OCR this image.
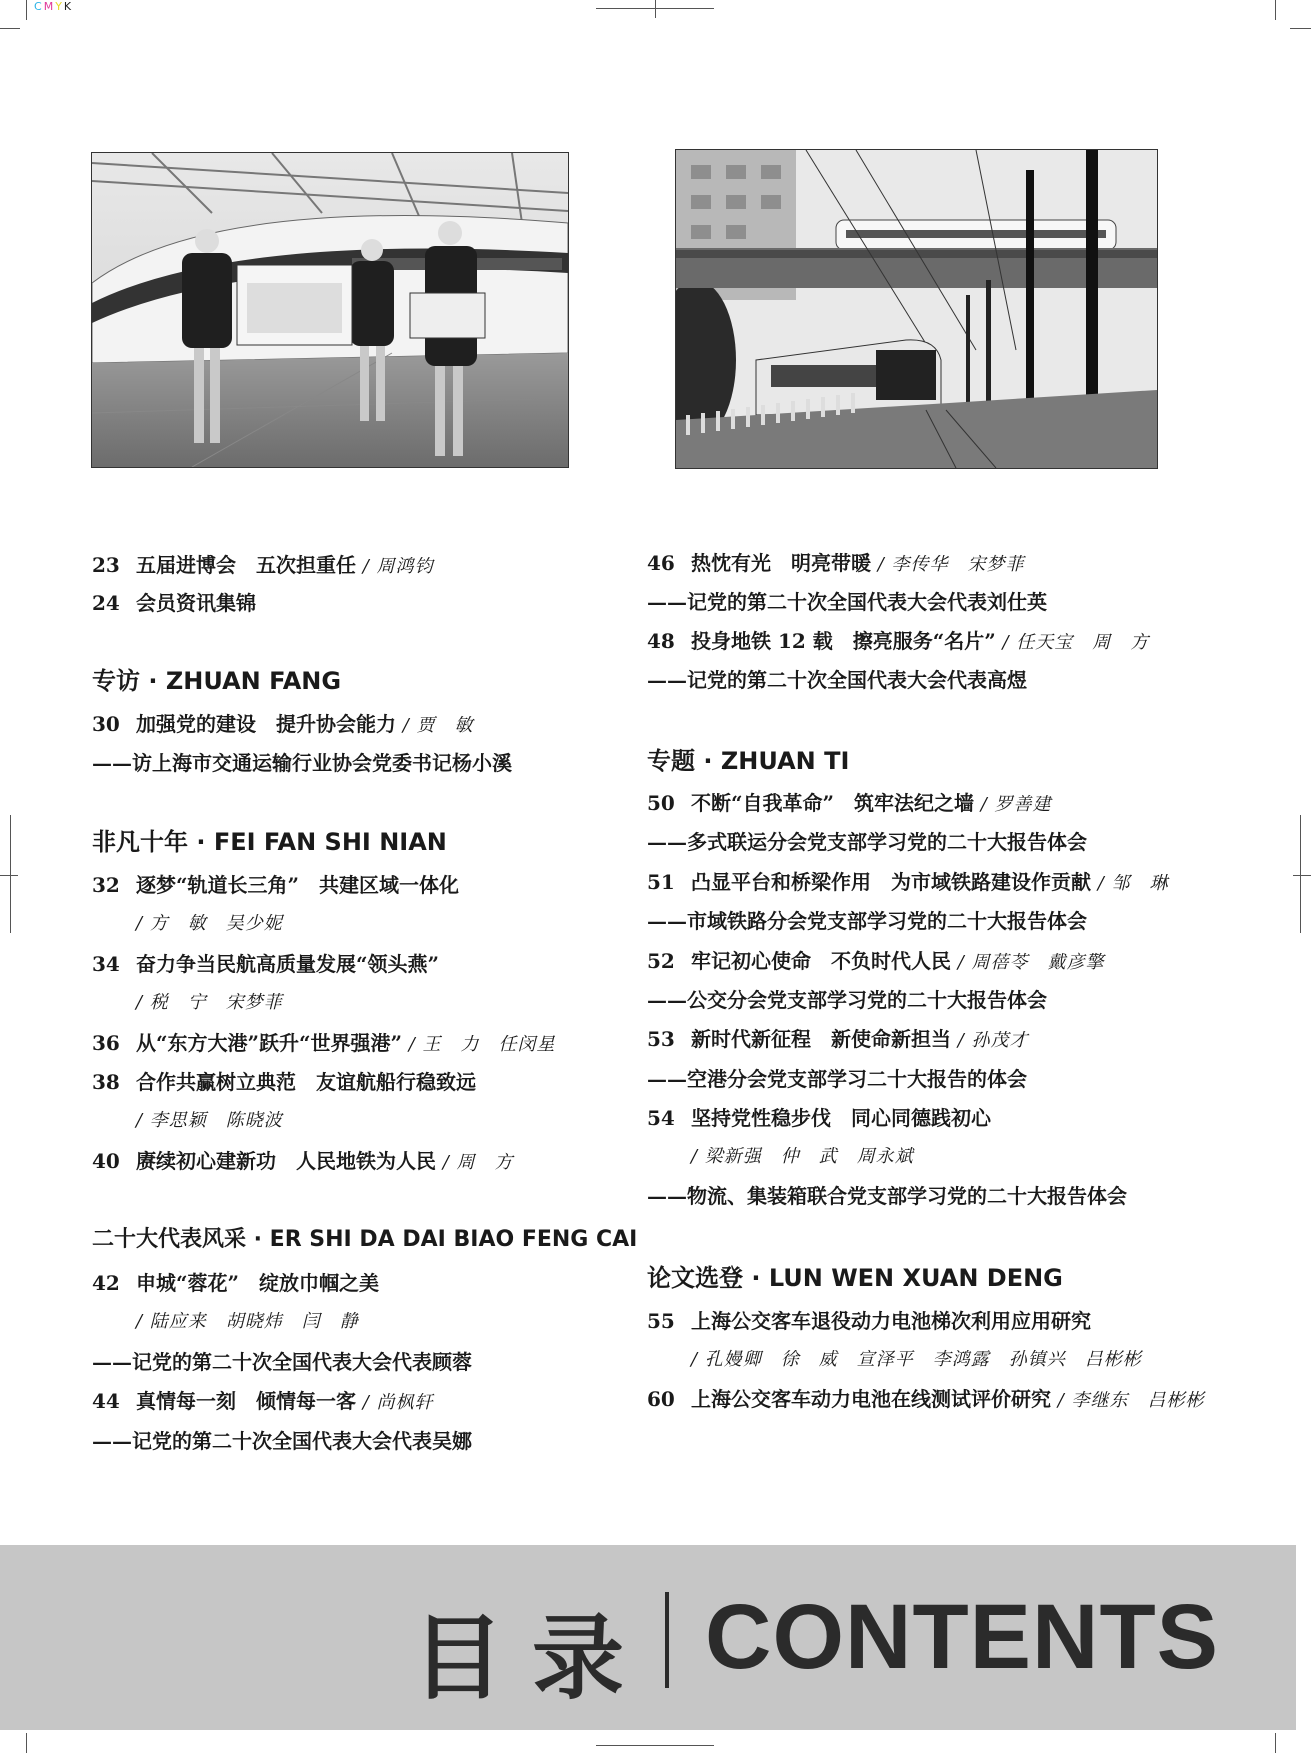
CMYK
23 五届进博会　五次担重任 / 周鸿钧
24 会员资讯集锦
专访 · ZHUAN FANG
30 加强党的建设　提升协会能力 / 贾　敏
——访上海市交通运输行业协会党委书记杨小溪
非凡十年 · FEI FAN SHI NIAN
32 逐梦“轨道长三角”　共建区域一体化
/ 方　敏　吴少妮
34 奋力争当民航高质量发展“领头燕”
/ 税　宁　宋梦菲
36 从“东方大港”跃升“世界强港” / 王　力　任闵星
38 合作共赢树立典范　友谊航船行稳致远
/ 李思颖　陈晓波
40 赓续初心建新功　人民地铁为人民 / 周　方
二十大代表风采 · ER SHI DA DAI BIAO FENG CAI
42 申城“蓉花”　绽放巾帼之美
/ 陆应来　胡晓炜　闫　静
——记党的第二十次全国代表大会代表顾蓉
44 真情每一刻　倾情每一客 / 尚枫轩
——记党的第二十次全国代表大会代表吴娜
46 热忱有光　明亮带暖 / 李传华　宋梦菲
——记党的第二十次全国代表大会代表刘仕英
48 投身地铁 12 载　擦亮服务“名片” / 任天宝　周　方
——记党的第二十次全国代表大会代表高煜
专题 · ZHUAN TI
50 不断“自我革命”　筑牢法纪之墙 / 罗善建
——多式联运分会党支部学习党的二十大报告体会
51 凸显平台和桥梁作用　为市域铁路建设作贡献 / 邹　琳
——市域铁路分会党支部学习党的二十大报告体会
52 牢记初心使命　不负时代人民 / 周蓓苓　戴彦擎
——公交分会党支部学习党的二十大报告体会
53 新时代新征程　新使命新担当 / 孙茂才
——空港分会党支部学习二十大报告的体会
54 坚持党性稳步伐　同心同德践初心
/ 梁新强　仲　武　周永斌
——物流、集装箱联合党支部学习党的二十大报告体会
论文选登 · LUN WEN XUAN DENG
55 上海公交客车退役动力电池梯次利用应用研究
/ 孔嫚卿　徐　威　宣泽平　李鸿露　孙镇兴　吕彬彬
60 上海公交客车动力电池在线测试评价研究 / 李继东　吕彬彬
目录 CONTENTS
